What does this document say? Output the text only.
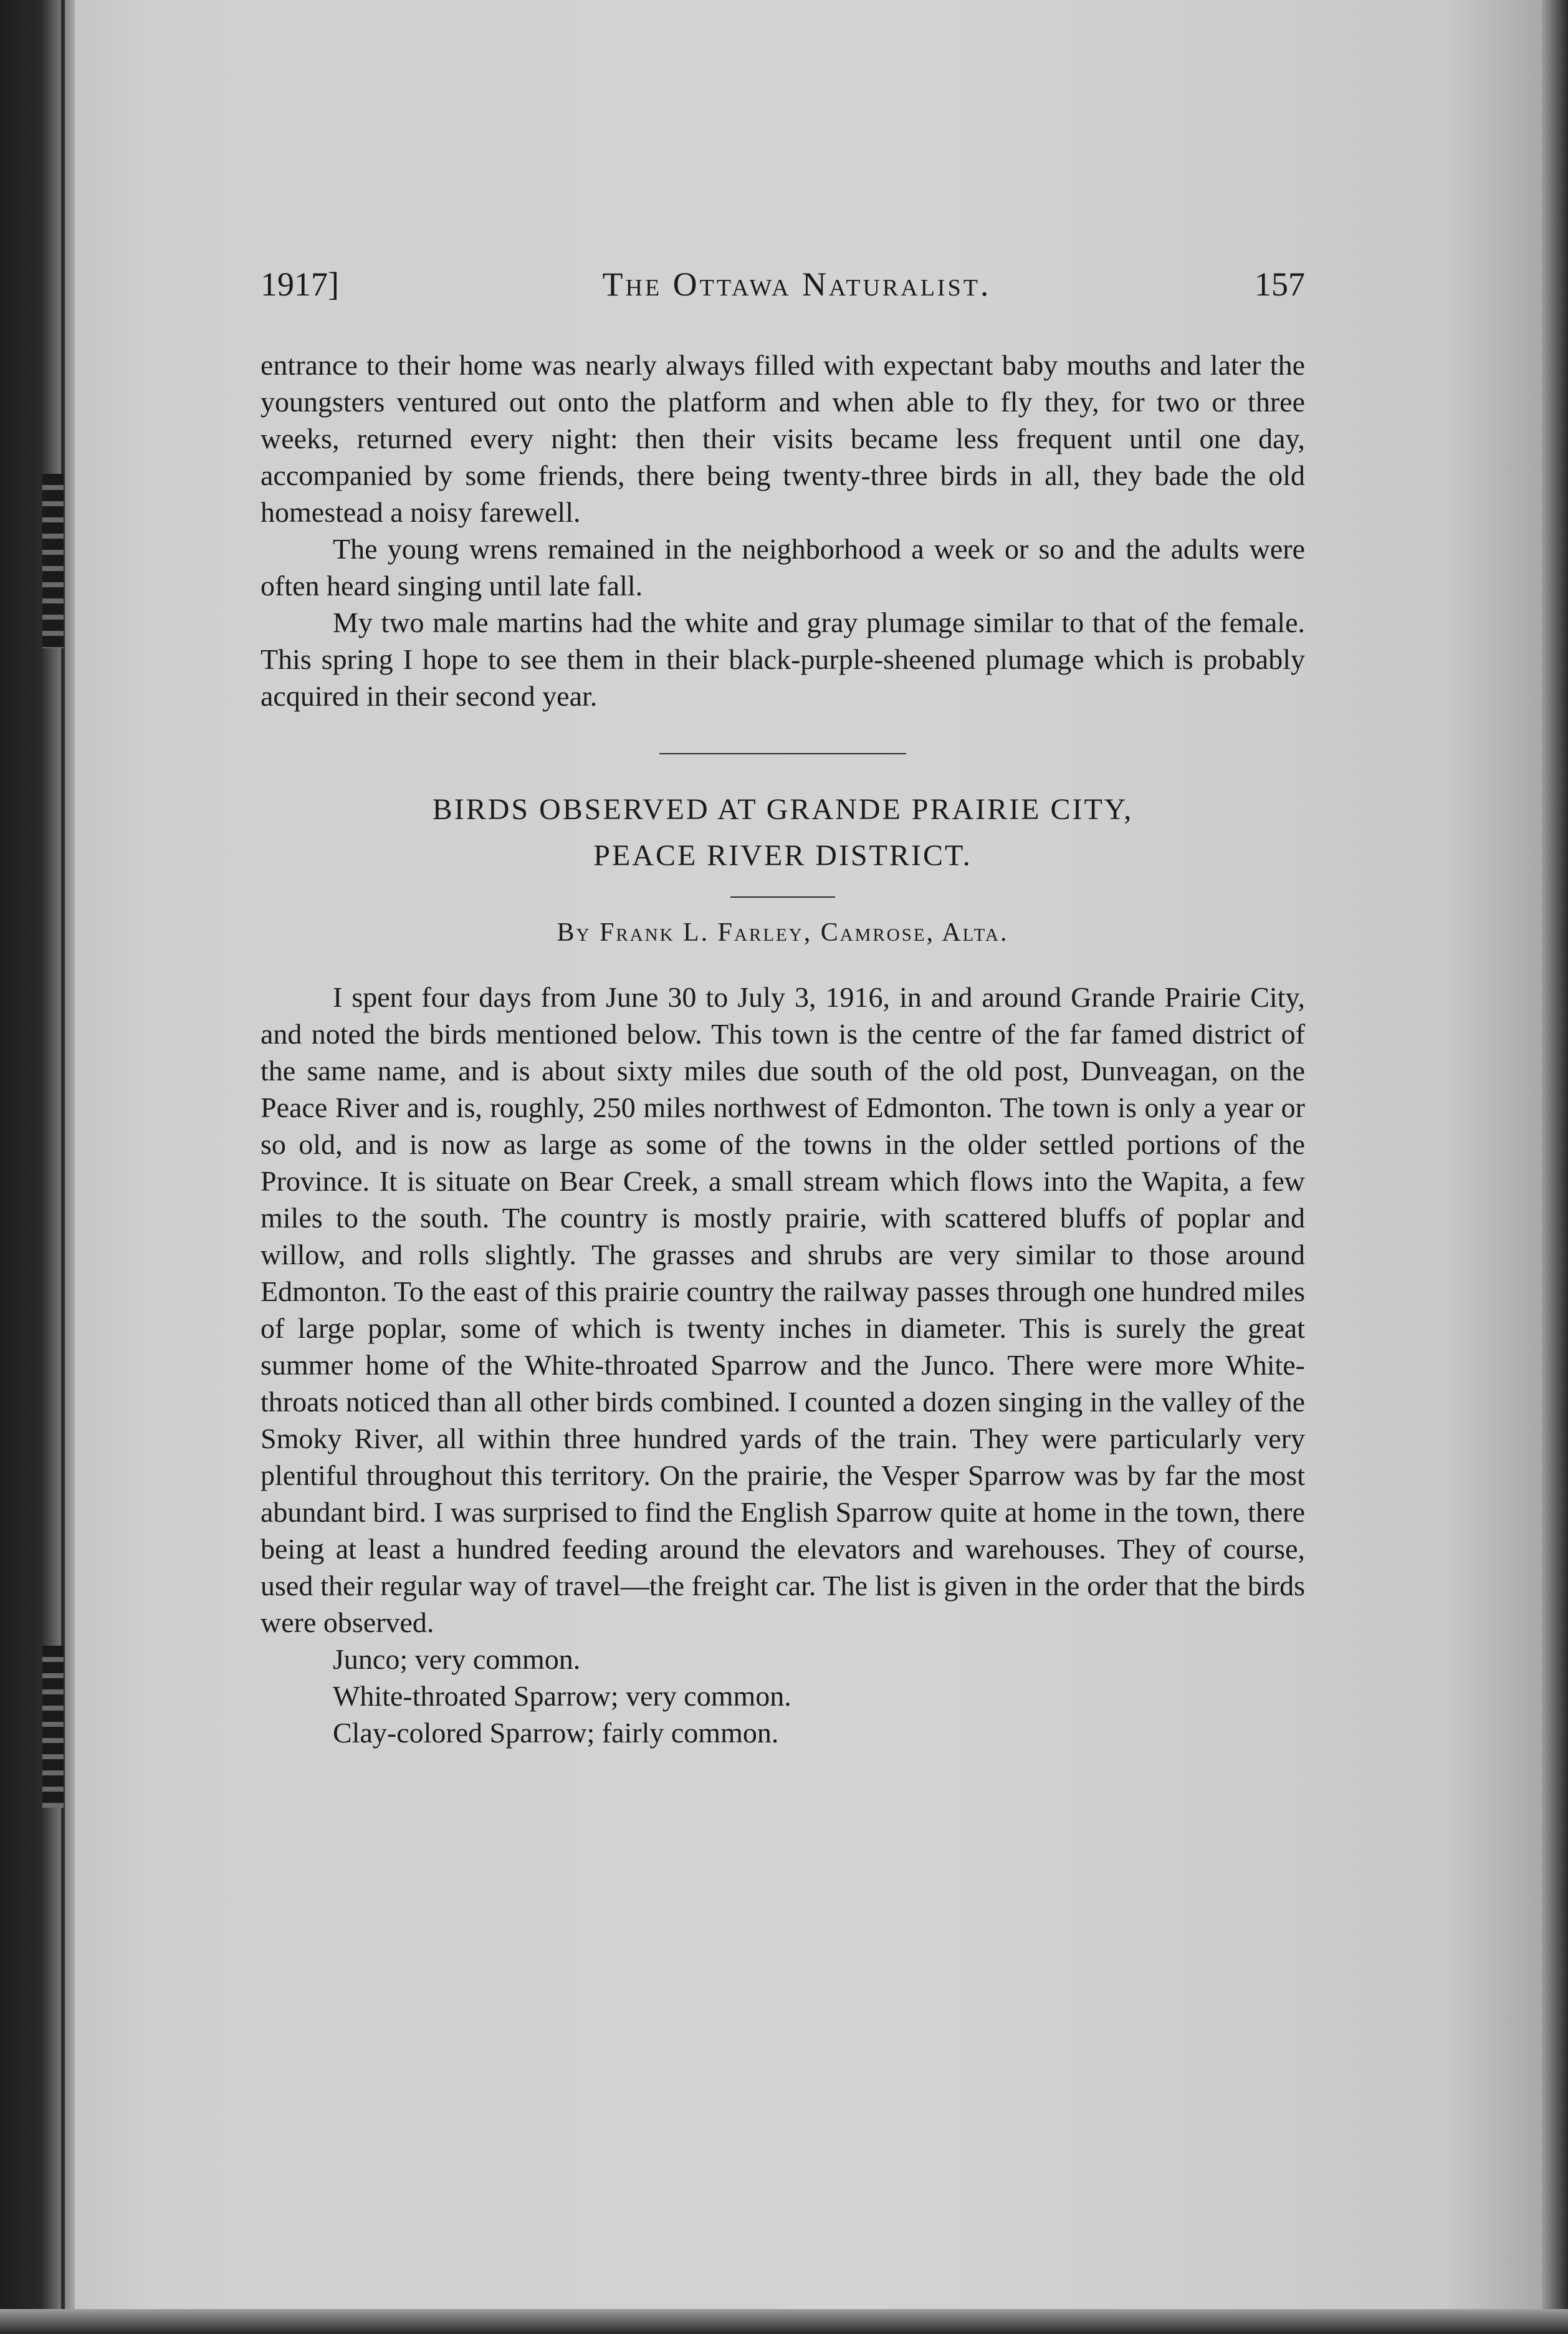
1917]	The Ottawa Naturalist.	157

entrance to their home was nearly always filled with expectant baby mouths and later the youngsters ventured out onto the platform and when able to fly they, for two or three weeks, returned every night: then their visits became less frequent until one day, accompanied by some friends, there being twenty-three birds in all, they bade the old homestead a noisy farewell.

The young wrens remained in the neighborhood a week or so and the adults were often heard singing until late fall.

My two male martins had the white and gray plumage similar to that of the female. This spring I hope to see them in their black-purple-sheened plumage which is probably acquired in their second year.

BIRDS OBSERVED AT GRANDE PRAIRIE CITY,
PEACE RIVER DISTRICT.
By Frank L. Farley, Camrose, Alta.

I spent four days from June 30 to July 3, 1916, in and around Grande Prairie City, and noted the birds mentioned below. This town is the centre of the far famed district of the same name, and is about sixty miles due south of the old post, Dunveagan, on the Peace River and is, roughly, 250 miles northwest of Edmonton. The town is only a year or so old, and is now as large as some of the towns in the older settled portions of the Province. It is situate on Bear Creek, a small stream which flows into the Wapita, a few miles to the south. The country is mostly prairie, with scattered bluffs of poplar and willow, and rolls slightly. The grasses and shrubs are very similar to those around Edmonton. To the east of this prairie country the railway passes through one hundred miles of large poplar, some of which is twenty inches in diameter. This is surely the great summer home of the White-throated Sparrow and the Junco. There were more White-throats noticed than all other birds combined. I counted a dozen singing in the valley of the Smoky River, all within three hundred yards of the train. They were particularly very plentiful throughout this territory. On the prairie, the Vesper Sparrow was by far the most abundant bird. I was surprised to find the English Sparrow quite at home in the town, there being at least a hundred feeding around the elevators and warehouses. They of course, used their regular way of travel—the freight car. The list is given in the order that the birds were observed.

Junco; very common.
White-throated Sparrow; very common.
Clay-colored Sparrow; fairly common.
